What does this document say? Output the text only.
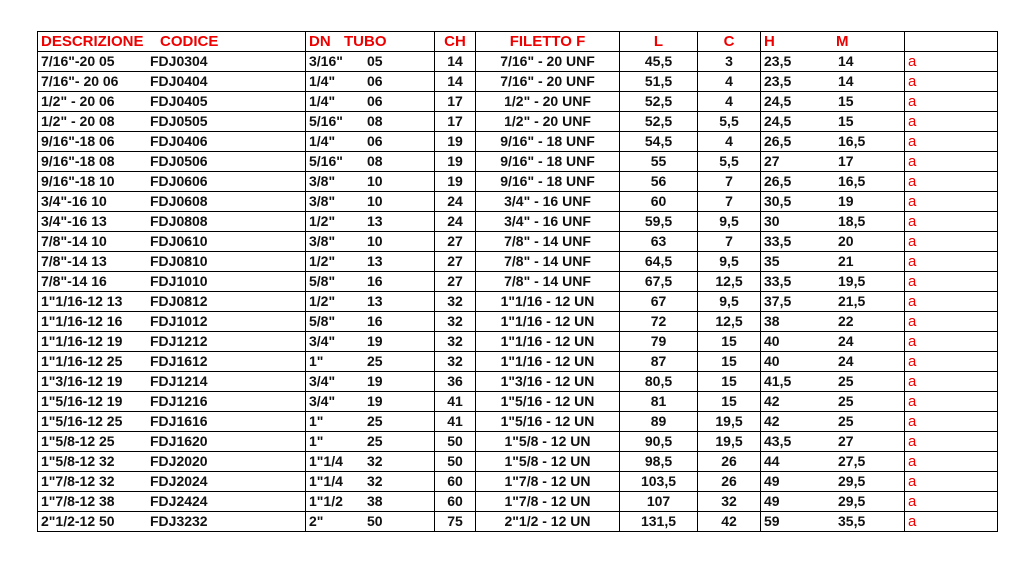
DESCRIZIONE CODICE	DN TUBO	CH	FILETTO F	L	C	H M	

7/16"-20 05 FDJ0304	3/16" 05	14	7/16" - 20 UNF	45,5	3	23,5 14	a

7/16"- 20 06 FDJ0404	1/4" 06	14	7/16" - 20 UNF	51,5	4	23,5 14	a

1/2" - 20 06 FDJ0405	1/4" 06	17	1/2" - 20 UNF	52,5	4	24,5 15	a

1/2" - 20 08 FDJ0505	5/16" 08	17	1/2" - 20 UNF	52,5	5,5	24,5 15	a

9/16"-18 06 FDJ0406	1/4" 06	19	9/16" - 18 UNF	54,5	4	26,5 16,5	a

9/16"-18 08 FDJ0506	5/16" 08	19	9/16" - 18 UNF	55	5,5	27 17	a

9/16"-18 10 FDJ0606	3/8" 10	19	9/16" - 18 UNF	56	7	26,5 16,5	a

3/4"-16 10 FDJ0608	3/8" 10	24	3/4" - 16 UNF	60	7	30,5 19	a

3/4"-16 13 FDJ0808	1/2" 13	24	3/4" - 16 UNF	59,5	9,5	30 18,5	a

7/8"-14 10 FDJ0610	3/8" 10	27	7/8" - 14 UNF	63	7	33,5 20	a

7/8"-14 13 FDJ0810	1/2" 13	27	7/8" - 14 UNF	64,5	9,5	35 21	a

7/8"-14 16 FDJ1010	5/8" 16	27	7/8" - 14 UNF	67,5	12,5	33,5 19,5	a

1"1/16-12 13 FDJ0812	1/2" 13	32	1"1/16 - 12 UN	67	9,5	37,5 21,5	a

1"1/16-12 16 FDJ1012	5/8" 16	32	1"1/16 - 12 UN	72	12,5	38 22	a

1"1/16-12 19 FDJ1212	3/4" 19	32	1"1/16 - 12 UN	79	15	40 24	a

1"1/16-12 25 FDJ1612	1" 25	32	1"1/16 - 12 UN	87	15	40 24	a

1"3/16-12 19 FDJ1214	3/4" 19	36	1"3/16 - 12 UN	80,5	15	41,5 25	a

1"5/16-12 19 FDJ1216	3/4" 19	41	1"5/16 - 12 UN	81	15	42 25	a

1"5/16-12 25 FDJ1616	1" 25	41	1"5/16 - 12 UN	89	19,5	42 25	a

1"5/8-12 25 FDJ1620	1" 25	50	1"5/8 - 12 UN	90,5	19,5	43,5 27	a

1"5/8-12 32 FDJ2020	1"1/4 32	50	1"5/8 - 12 UN	98,5	26	44 27,5	a

1"7/8-12 32 FDJ2024	1"1/4 32	60	1"7/8 - 12 UN	103,5	26	49 29,5	a

1"7/8-12 38 FDJ2424	1"1/2 38	60	1"7/8 - 12 UN	107	32	49 29,5	a

2"1/2-12 50 FDJ3232	2" 50	75	2"1/2 - 12 UN	131,5	42	59 35,5	a
